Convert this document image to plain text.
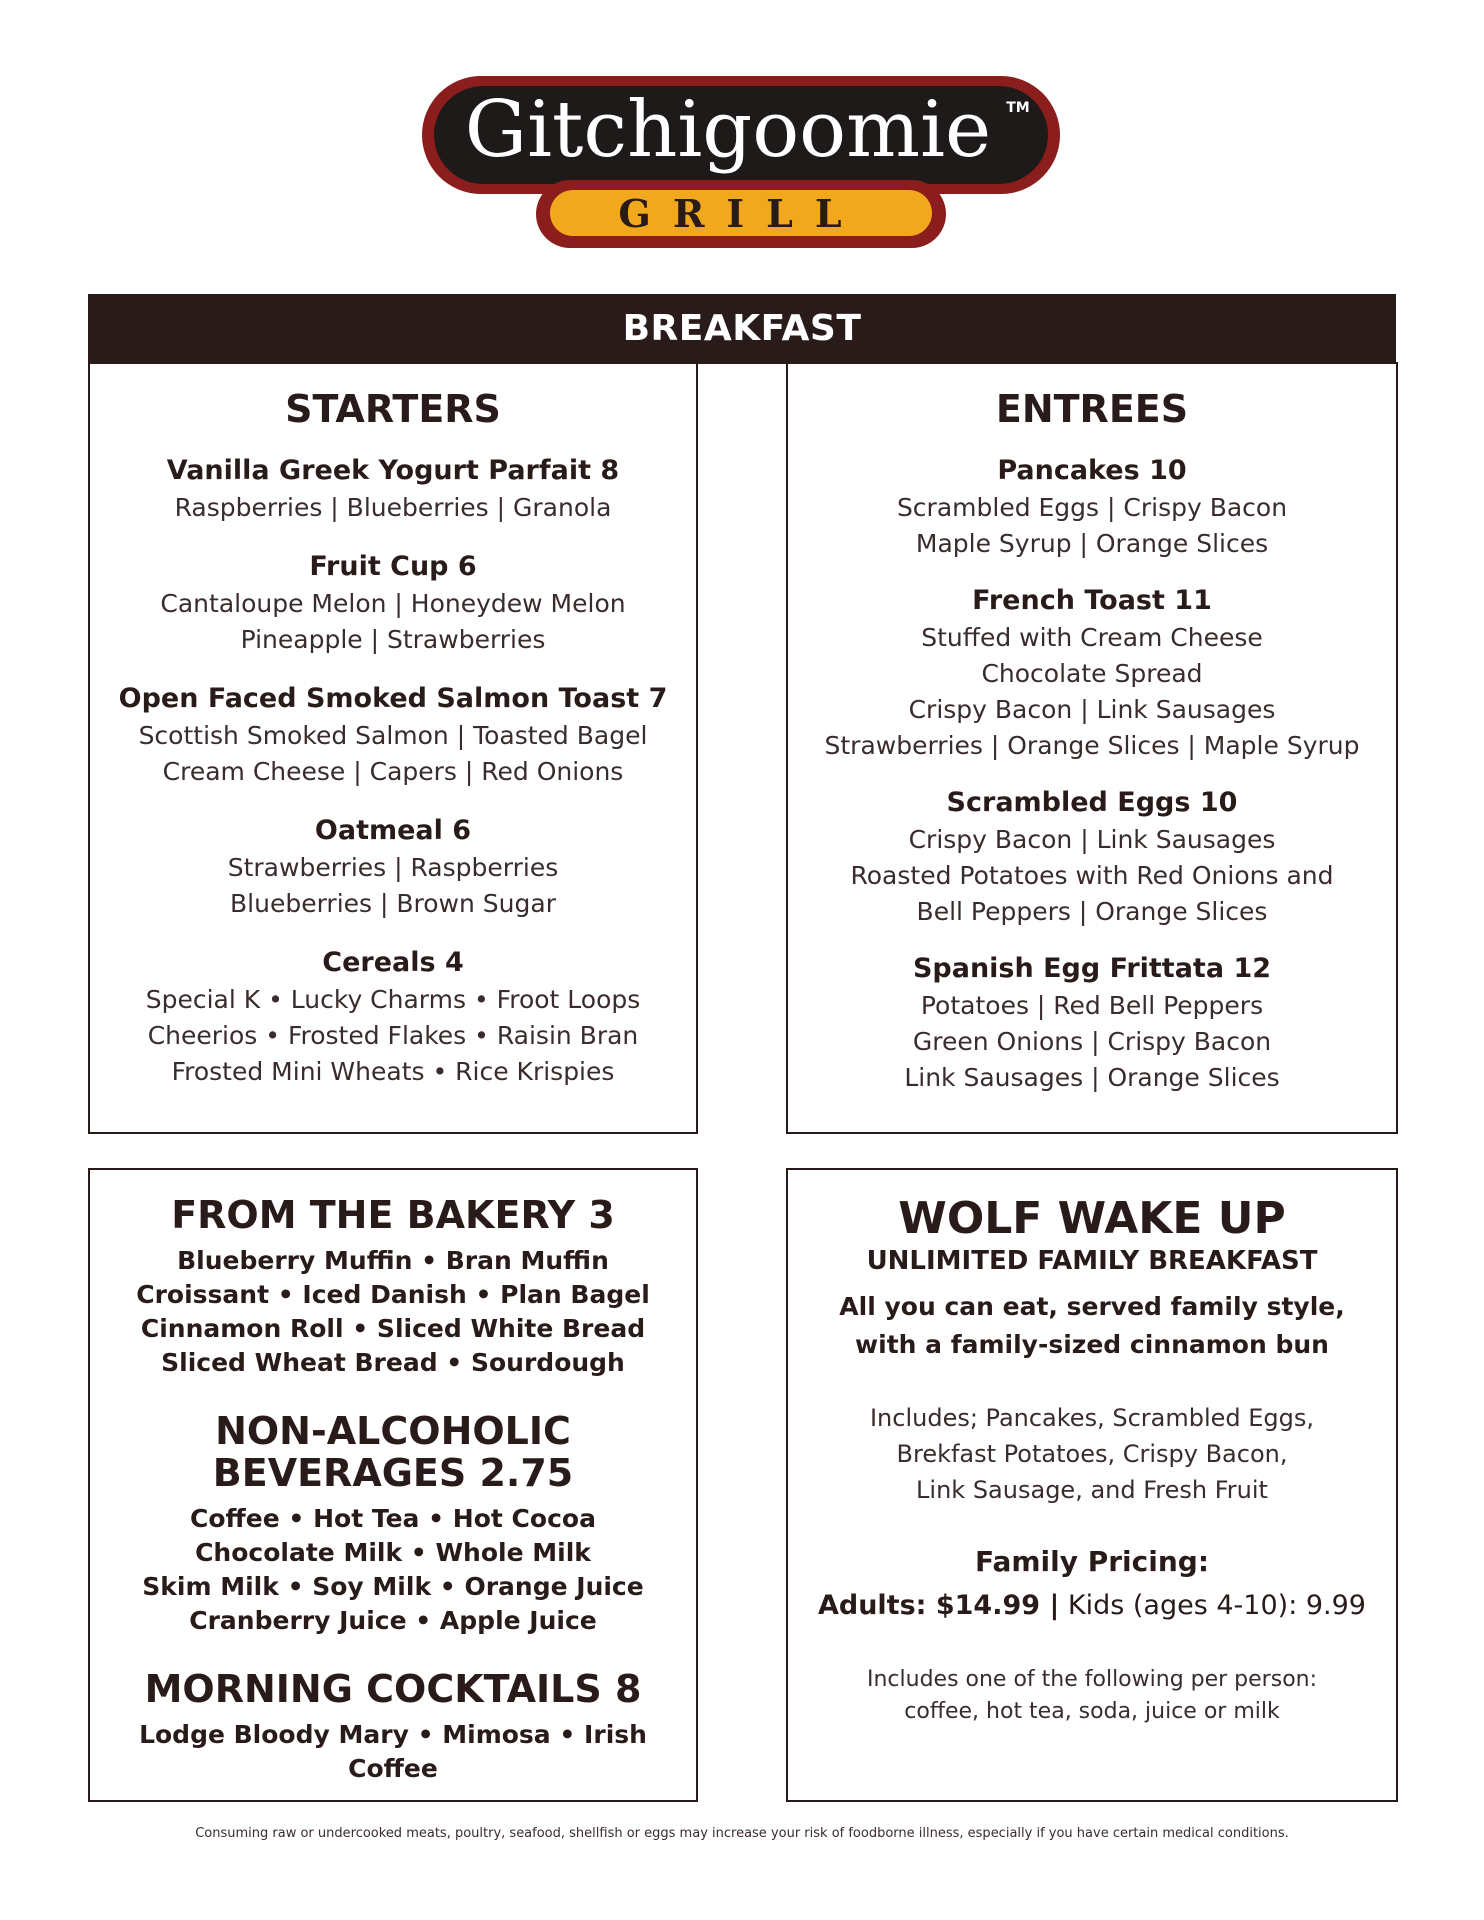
Gitchigoomie TM
GRILL
BREAKFAST
STARTERS
Vanilla Greek Yogurt Parfait 8
Raspberries | Blueberries | Granola
Fruit Cup 6
Cantaloupe Melon | Honeydew Melon
Pineapple | Strawberries
Open Faced Smoked Salmon Toast 7
Scottish Smoked Salmon | Toasted Bagel
Cream Cheese | Capers | Red Onions
Oatmeal 6
Strawberries | Raspberries
Blueberries | Brown Sugar
Cereals 4
Special K • Lucky Charms • Froot Loops
Cheerios • Frosted Flakes • Raisin Bran
Frosted Mini Wheats • Rice Krispies
ENTREES
Pancakes 10
Scrambled Eggs | Crispy Bacon
Maple Syrup | Orange Slices
French Toast 11
Stuffed with Cream Cheese
Chocolate Spread
Crispy Bacon | Link Sausages
Strawberries | Orange Slices | Maple Syrup
Scrambled Eggs 10
Crispy Bacon | Link Sausages
Roasted Potatoes with Red Onions and
Bell Peppers | Orange Slices
Spanish Egg Frittata 12
Potatoes | Red Bell Peppers
Green Onions | Crispy Bacon
Link Sausages | Orange Slices
FROM THE BAKERY 3
Blueberry Muffin • Bran Muffin
Croissant • Iced Danish • Plan Bagel
Cinnamon Roll • Sliced White Bread
Sliced Wheat Bread • Sourdough
NON-ALCOHOLIC
BEVERAGES 2.75
Coffee • Hot Tea • Hot Cocoa
Chocolate Milk • Whole Milk
Skim Milk • Soy Milk • Orange Juice
Cranberry Juice • Apple Juice
MORNING COCKTAILS 8
Lodge Bloody Mary • Mimosa • Irish Coffee
WOLF WAKE UP
UNLIMITED FAMILY BREAKFAST
All you can eat, served family style,
with a family-sized cinnamon bun
Includes; Pancakes, Scrambled Eggs,
Brekfast Potatoes, Crispy Bacon,
Link Sausage, and Fresh Fruit
Family Pricing:
Adults: $14.99 | Kids (ages 4-10): 9.99
Includes one of the following per person:
coffee, hot tea, soda, juice or milk
Consuming raw or undercooked meats, poultry, seafood, shellfish or eggs may increase your risk of foodborne illness, especially if you have certain medical conditions.
